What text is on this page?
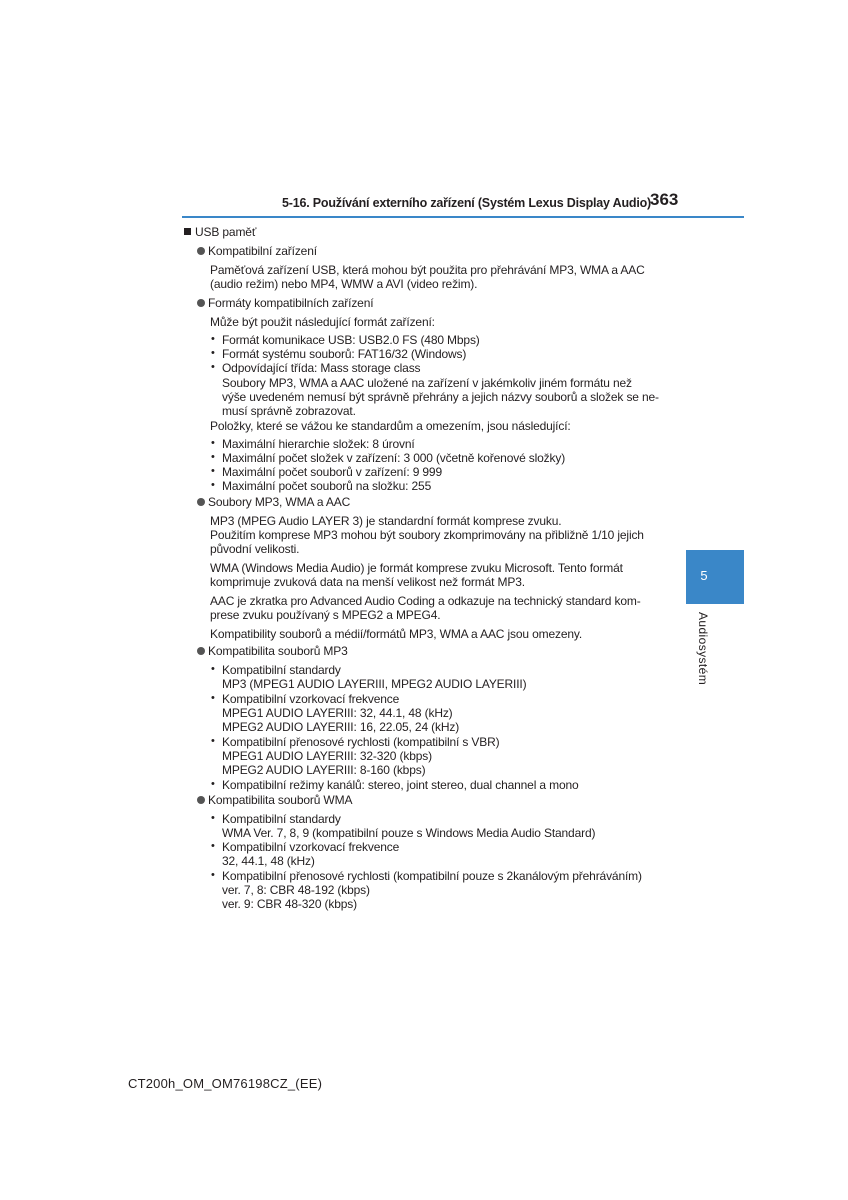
5-16. Používání externího zařízení (Systém Lexus Display Audio) 363
5
Audiosystém
USB paměť
Kompatibilní zařízení
Paměťová zařízení USB, která mohou být použita pro přehrávání MP3, WMA a AAC
(audio režim) nebo MP4, WMW a AVI (video režim).
Formáty kompatibilních zařízení
Může být použit následující formát zařízení:
• Formát komunikace USB: USB2.0 FS (480 Mbps)
• Formát systému souborů: FAT16/32 (Windows)
• Odpovídající třída: Mass storage class
Soubory MP3, WMA a AAC uložené na zařízení v jakémkoliv jiném formátu než
výše uvedeném nemusí být správně přehrány a jejich názvy souborů a složek se ne-
musí správně zobrazovat.
Položky, které se vážou ke standardům a omezením, jsou následující:
• Maximální hierarchie složek: 8 úrovní
• Maximální počet složek v zařízení: 3 000 (včetně kořenové složky)
• Maximální počet souborů v zařízení: 9 999
• Maximální počet souborů na složku: 255
Soubory MP3, WMA a AAC
MP3 (MPEG Audio LAYER 3) je standardní formát komprese zvuku.
Použitím komprese MP3 mohou být soubory zkomprimovány na přibližně 1/10 jejich
původní velikosti.
WMA (Windows Media Audio) je formát komprese zvuku Microsoft. Tento formát
komprimuje zvuková data na menší velikost než formát MP3.
AAC je zkratka pro Advanced Audio Coding a odkazuje na technický standard kom-
prese zvuku používaný s MPEG2 a MPEG4.
Kompatibility souborů a médií/formátů MP3, WMA a AAC jsou omezeny.
Kompatibilita souborů MP3
• Kompatibilní standardy
MP3 (MPEG1 AUDIO LAYERIII, MPEG2 AUDIO LAYERIII)
• Kompatibilní vzorkovací frekvence
MPEG1 AUDIO LAYERIII: 32, 44.1, 48 (kHz)
MPEG2 AUDIO LAYERIII: 16, 22.05, 24 (kHz)
• Kompatibilní přenosové rychlosti (kompatibilní s VBR)
MPEG1 AUDIO LAYERIII: 32-320 (kbps)
MPEG2 AUDIO LAYERIII: 8-160 (kbps)
• Kompatibilní režimy kanálů: stereo, joint stereo, dual channel a mono
Kompatibilita souborů WMA
• Kompatibilní standardy
WMA Ver. 7, 8, 9 (kompatibilní pouze s Windows Media Audio Standard)
• Kompatibilní vzorkovací frekvence
32, 44.1, 48 (kHz)
• Kompatibilní přenosové rychlosti (kompatibilní pouze s 2kanálovým přehráváním)
ver. 7, 8: CBR 48-192 (kbps)
ver. 9: CBR 48-320 (kbps)
CT200h_OM_OM76198CZ_(EE)
